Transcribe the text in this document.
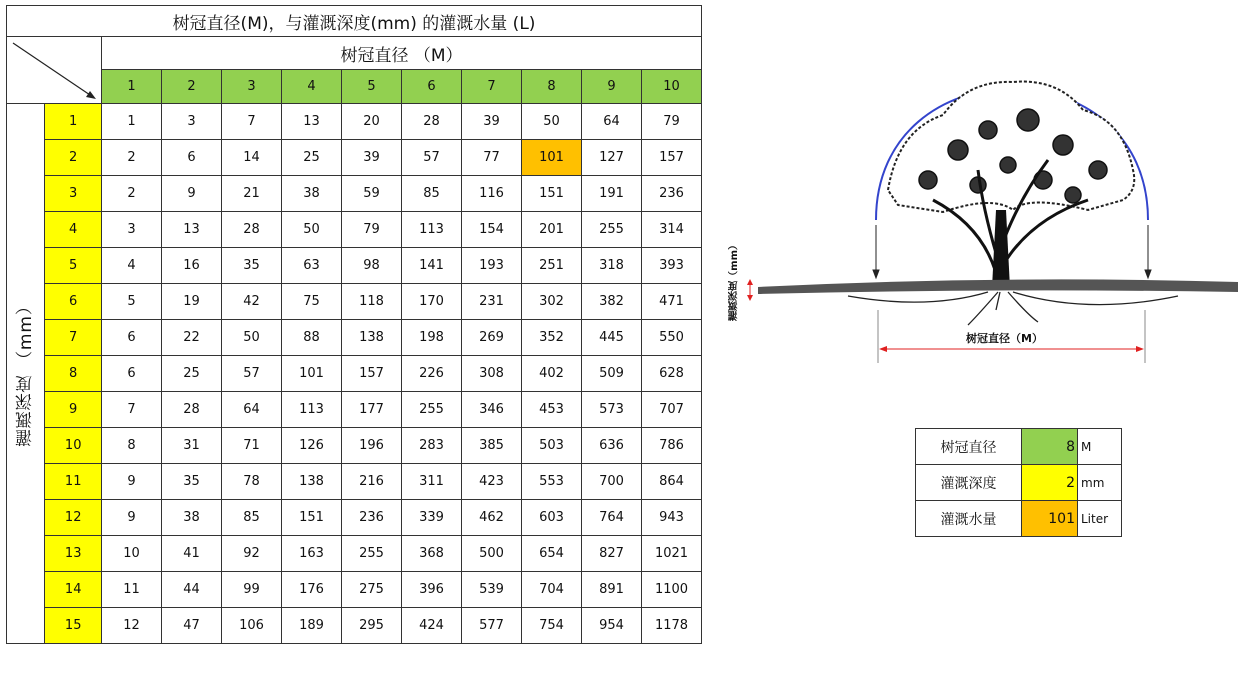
树冠直径(M)，与灌溉深度(mm) 的灌溉水量 (L)											

	树冠直径 （M）									
		1	2	3	4	5	6	7	8	9	10
灌溉深度 （mm）	1	1	3	7	13	20	28	39	50	64	79
	2	2	6	14	25	39	57	77	101	127	157
	3	2	9	21	38	59	85	116	151	191	236
	4	3	13	28	50	79	113	154	201	255	314
	5	4	16	35	63	98	141	193	251	318	393
	6	5	19	42	75	118	170	231	302	382	471
	7	6	22	50	88	138	198	269	352	445	550
	8	6	25	57	101	157	226	308	402	509	628
	9	7	28	64	113	177	255	346	453	573	707
	10	8	31	71	126	196	283	385	503	636	786
	11	9	35	78	138	216	311	423	553	700	864
	12	9	38	85	151	236	339	462	603	764	943
	13	10	41	92	163	255	368	500	654	827	1021
	14	11	44	99	176	275	396	539	704	891	1100
	15	12	47	106	189	295	424	577	754	954	1178
灌溉深度（mm）
树冠直径（M）
树冠直径	8	M
灌溉深度	2	mm
灌溉水量	101	Liter
